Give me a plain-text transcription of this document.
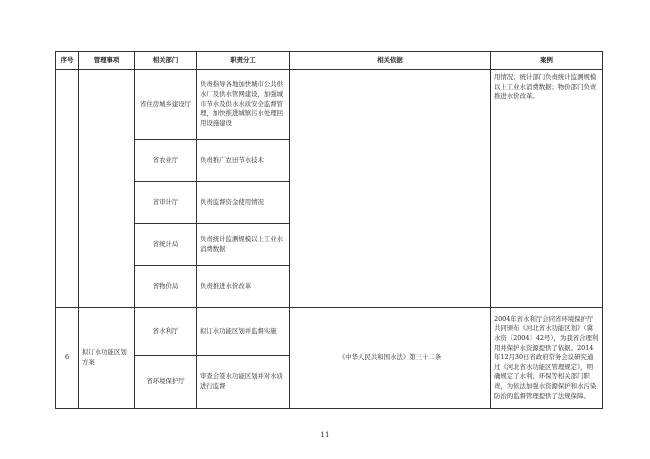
序号	管理事项	相关部门	职责分工	相关依据	案例
		省住房城乡建设厅	负责指导各地加快城市公共供水厂及供水管网建设，加强城市节水及供水水质安全监督管理，加快推进城镇污水处理回用设施建设		用情况；统计部门负责统计监测规模以上工业水消费数据；物价部门负责推进水价改革。
		省农业厅	负责推广农田节水技术		
		省审计厅	负责监督资金使用情况		
		省统计局	负责统计监测规模以上工业水消费数据		
		省物价局	负责推进水价改革		
6	拟订水功能区划方案	省水利厅	拟订水功能区划并监督实施	《中华人民共和国水法》第三十二条	2004年省水利厅会同省环境保护厅共同颁布《河北省水功能区划》（冀水资〔2004〕42号），为我省合理利用并保护水资源提供了依据。2014年12月30日省政府常务会议研究通过《河北省水功能区管理规定》，明确规定了水利、环保等相关部门职责，为依法加强水资源保护和水污染防治的监督管理提供了法规保障。
		省环境保护厅	审查会签水功能区划并对水质进行监督		
11
